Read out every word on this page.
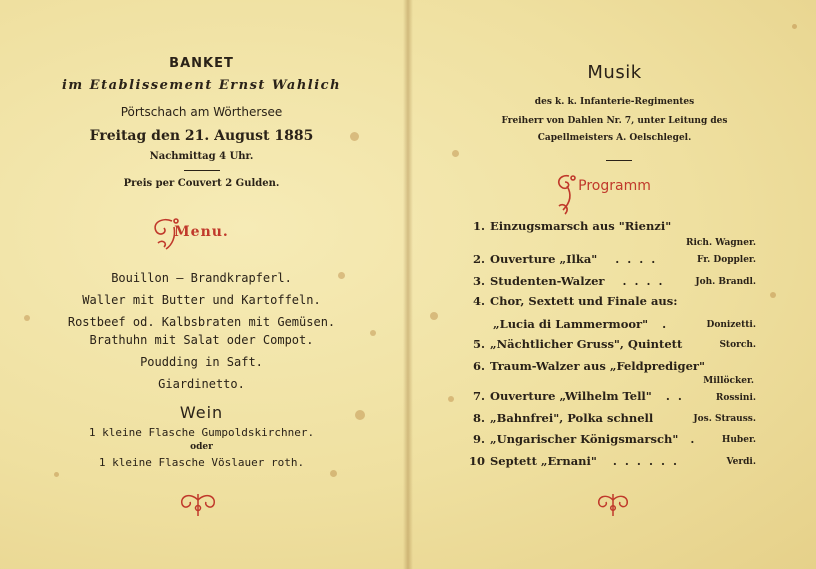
BANKET
im Etablissement Ernst Wahlich
Pörtschach am Wörthersee
Freitag den 21. August 1885
Nachmittag 4 Uhr.
Preis per Couvert 2 Gulden.
Menu.
Bouillon — Brandkrapferl.
Waller mit Butter und Kartoffeln.
Rostbeef od. Kalbsbraten mit Gemüsen.
Brathuhn mit Salat oder Compot.
Poudding in Saft.
Giardinetto.
Wein
1 kleine Flasche Gumpoldskirchner.
oder
1 kleine Flasche Vöslauer roth.
Musik
des k. k. Infanterie-Regimentes
Freiherr von Dahlen Nr. 7, unter Leitung des
Capellmeisters A. Oelschlegel.
Programm
1. Einzugsmarsch aus "Rienzi"
Rich. Wagner.
2. Ouverture „Ilka" . . . .	Fr. Doppler.
3. Studenten-Walzer . . . .	Joh. Brandl.
4. Chor, Sextett und Finale aus:
„Lucia di Lammermoor" .	Donizetti.
5. „Nächtlicher Gruss", Quintett	Storch.
6. Traum-Walzer aus „Feldprediger"
Millöcker.
7. Ouverture „Wilhelm Tell" . .	Rossini.
8. „Bahnfrei", Polka schnell	Jos. Strauss.
9. „Ungarischer Königsmarsch" .	Huber.
10 Septett „Ernani" . . . . . .	Verdi.
